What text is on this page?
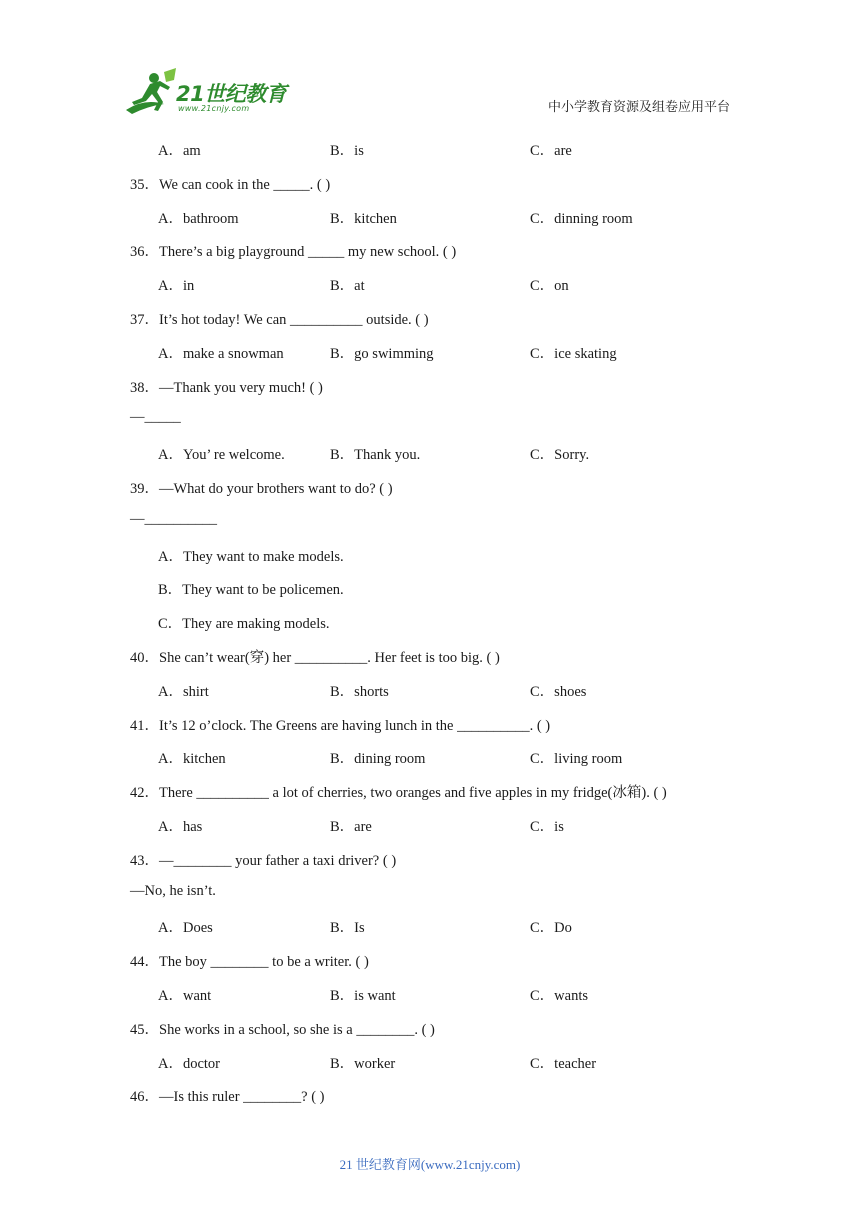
21世纪教育
www.21cnjy.com	中小学教育资源及组卷应用平台
A．am	B．is	C．are
35．We can cook in the _____. ( )
A．bathroom	B．kitchen	C．dinning room
36．There’s a big playground _____ my new school. ( )
A．in	B．at	C．on
37．It’s hot today! We can __________ outside. ( )
A．make a snowman	B．go swimming	C．ice skating
38．—Thank you very much! ( )
—_____
A．You’ re welcome.	B．Thank you.	C．Sorry.
39．—What do your brothers want to do? ( )
—__________
A．They want to make models.
B．They want to be policemen.
C．They are making models.
40．She can’t wear(穿) her __________. Her feet is too big. ( )
A．shirt	B．shorts	C．shoes
41．It’s 12 o’clock. The Greens are having lunch in the __________. ( )
A．kitchen	B．dining room	C．living room
42．There __________ a lot of cherries, two oranges and five apples in my fridge(冰箱). ( )
A．has	B．are	C．is
43．—________ your father a taxi driver? ( )
—No, he isn’t.
A．Does	B．Is	C．Do
44．The boy ________ to be a writer. ( )
A．want	B．is want	C．wants
45．She works in a school, so she is a ________. ( )
A．doctor	B．worker	C．teacher
46．—Is this ruler ________? ( )
21 世纪教育网(www.21cnjy.com)
